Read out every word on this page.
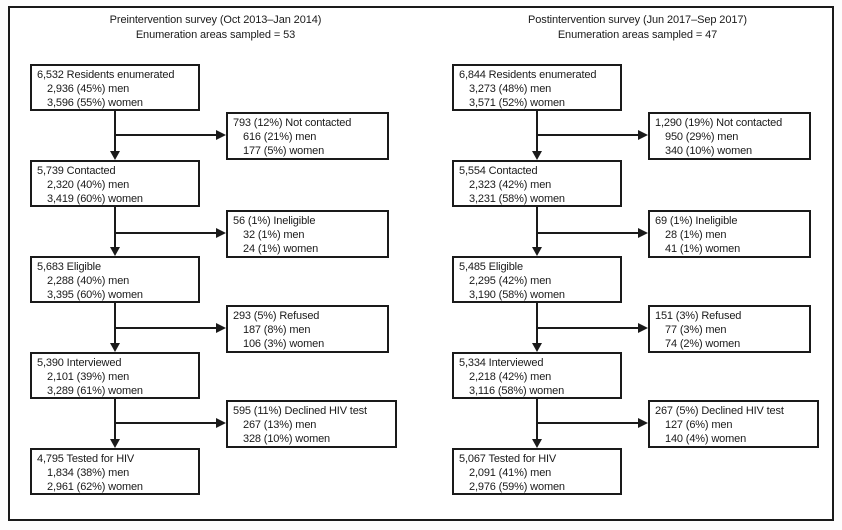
Preintervention survey (Oct 2013–Jan 2014)
Enumeration areas sampled = 53
6,532 Residents enumerated
2,936 (45%) men
3,596 (55%) women
5,739 Contacted
2,320 (40%) men
3,419 (60%) women
5,683 Eligible
2,288 (40%) men
3,395 (60%) women
5,390 Interviewed
2,101 (39%) men
3,289 (61%) women
4,795 Tested for HIV
1,834 (38%) men
2,961 (62%) women
793 (12%) Not contacted
616 (21%) men
177 (5%) women
56 (1%) Ineligible
32 (1%) men
24 (1%) women
293 (5%) Refused
187 (8%) men
106 (3%) women
595 (11%) Declined HIV test
267 (13%) men
328 (10%) women
Postintervention survey (Jun 2017–Sep 2017)
Enumeration areas sampled = 47
6,844 Residents enumerated
3,273 (48%) men
3,571 (52%) women
5,554 Contacted
2,323 (42%) men
3,231 (58%) women
5,485 Eligible
2,295 (42%) men
3,190 (58%) women
5,334 Interviewed
2,218 (42%) men
3,116 (58%) women
5,067 Tested for HIV
2,091 (41%) men
2,976 (59%) women
1,290 (19%) Not contacted
950 (29%) men
340 (10%) women
69 (1%) Ineligible
28 (1%) men
41 (1%) women
151 (3%) Refused
77 (3%) men
74 (2%) women
267 (5%) Declined HIV test
127 (6%) men
140 (4%) women
